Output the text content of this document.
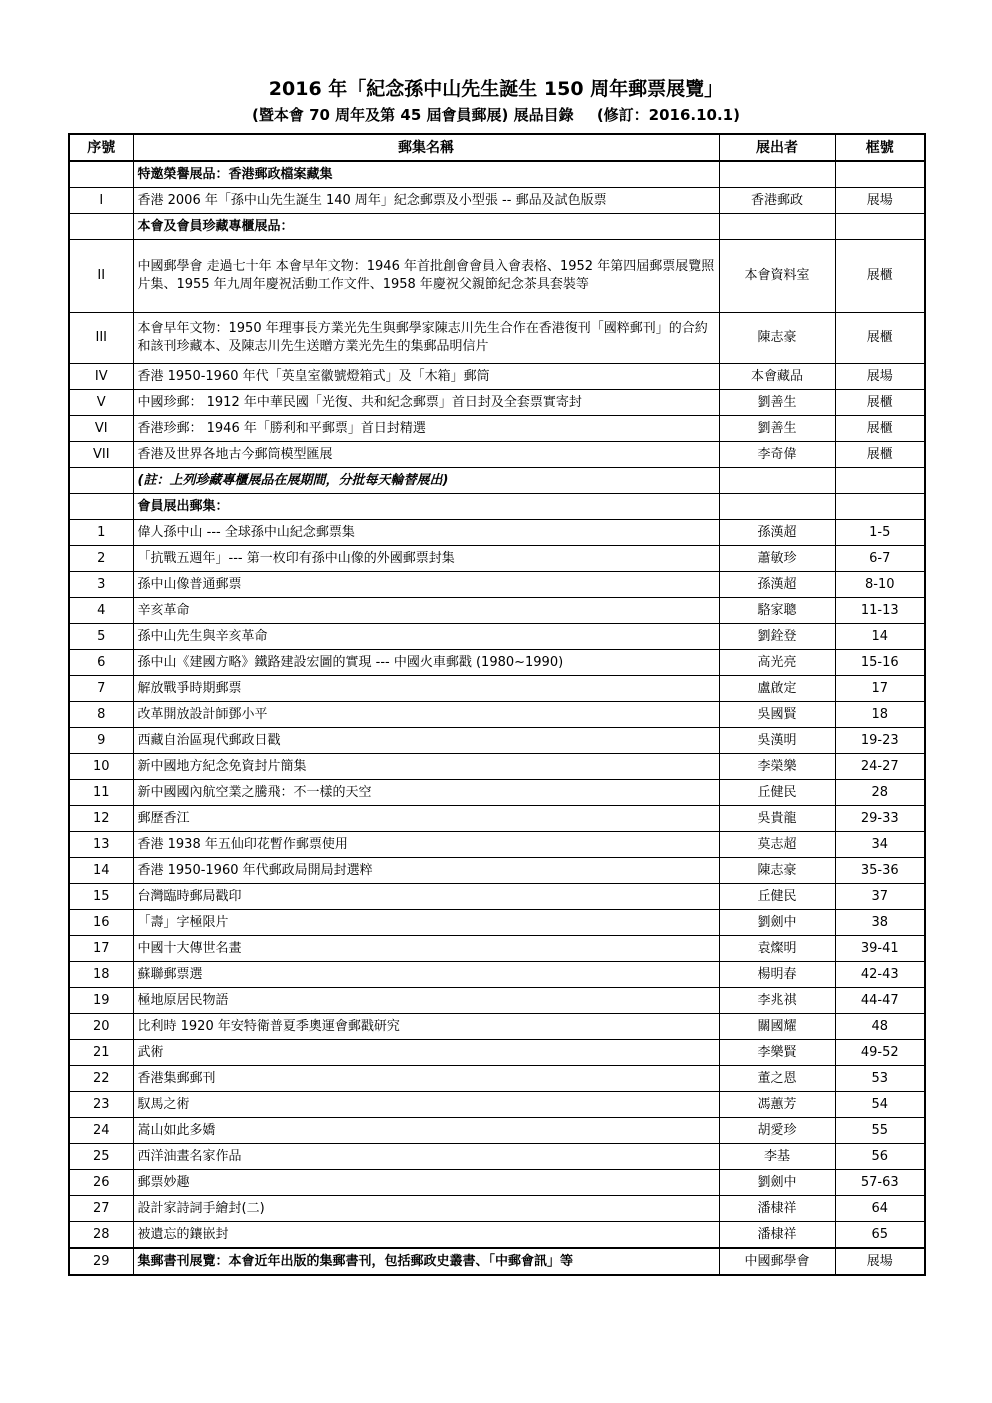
2016 年「紀念孫中山先生誕生 150 周年郵票展覽」
(暨本會 70 周年及第 45 屆會員郵展) 展品目錄 (修訂：2016.10.1)
序號	郵集名稱	展出者	框號
	特邀榮譽展品：香港郵政檔案藏集		
I	香港 2006 年「孫中山先生誕生 140 周年」紀念郵票及小型張 -- 郵品及試色版票	香港郵政	展場
	本會及會員珍藏專櫃展品：		
II	中國郵學會 走過七十年 本會早年文物：1946 年首批創會會員入會表格、1952 年第四屆郵票展覽照片集、1955 年九周年慶祝活動工作文件、1958 年慶祝父親節紀念茶具套裝等	本會資料室	展櫃
III	本會早年文物：1950 年理事長方業光先生與郵學家陳志川先生合作在香港復刊「國粹郵刊」的合約和該刊珍藏本、及陳志川先生送贈方業光先生的集郵品明信片	陳志豪	展櫃
IV	香港 1950-1960 年代「英皇室徽號燈箱式」及「木箱」郵筒	本會藏品	展場
V	中國珍郵： 1912 年中華民國「光復、共和紀念郵票」首日封及全套票實寄封	劉善生	展櫃
VI	香港珍郵： 1946 年「勝利和平郵票」首日封精選	劉善生	展櫃
VII	香港及世界各地古今郵筒模型匯展	李奇偉	展櫃
	(註：上列珍藏專櫃展品在展期間，分批每天輪替展出)		
	會員展出郵集：		
1	偉人孫中山 --- 全球孫中山紀念郵票集	孫漢超	1-5
2	「抗戰五週年」--- 第一枚印有孫中山像的外國郵票封集	蕭敏珍	6-7
3	孫中山像普通郵票	孫漢超	8-10
4	辛亥革命	駱家聰	11-13
5	孫中山先生與辛亥革命	劉銓登	14
6	孫中山《建國方略》鐵路建設宏圖的實現 --- 中國火車郵戳 (1980~1990)	高光亮	15-16
7	解放戰爭時期郵票	盧啟定	17
8	改革開放設計師鄧小平	吳國賢	18
9	西藏自治區現代郵政日戳	吳漢明	19-23
10	新中國地方紀念免資封片簡集	李榮樂	24-27
11	新中國國內航空業之騰飛：不一樣的天空	丘健民	28
12	郵歷香江	吳貴龍	29-33
13	香港 1938 年五仙印花暫作郵票使用	莫志超	34
14	香港 1950-1960 年代郵政局開局封選粹	陳志豪	35-36
15	台灣臨時郵局戳印	丘健民	37
16	「壽」字極限片	劉劍中	38
17	中國十大傳世名畫	袁燦明	39-41
18	蘇聯郵票選	楊明春	42-43
19	極地原居民物語	李兆祺	44-47
20	比利時 1920 年安特衛普夏季奧運會郵戳研究	關國耀	48
21	武術	李樂賢	49-52
22	香港集郵郵刊	董之恩	53
23	馭馬之術	馮蕙芳	54
24	嵩山如此多嬌	胡愛珍	55
25	西洋油畫名家作品	李基	56
26	郵票妙趣	劉劍中	57-63
27	設計家詩詞手繪封(二)	潘棣祥	64
28	被遺忘的鑲嵌封	潘棣祥	65
29	集郵書刊展覽：本會近年出版的集郵書刊，包括郵政史叢書、「中郵會訊」等	中國郵學會	展場
